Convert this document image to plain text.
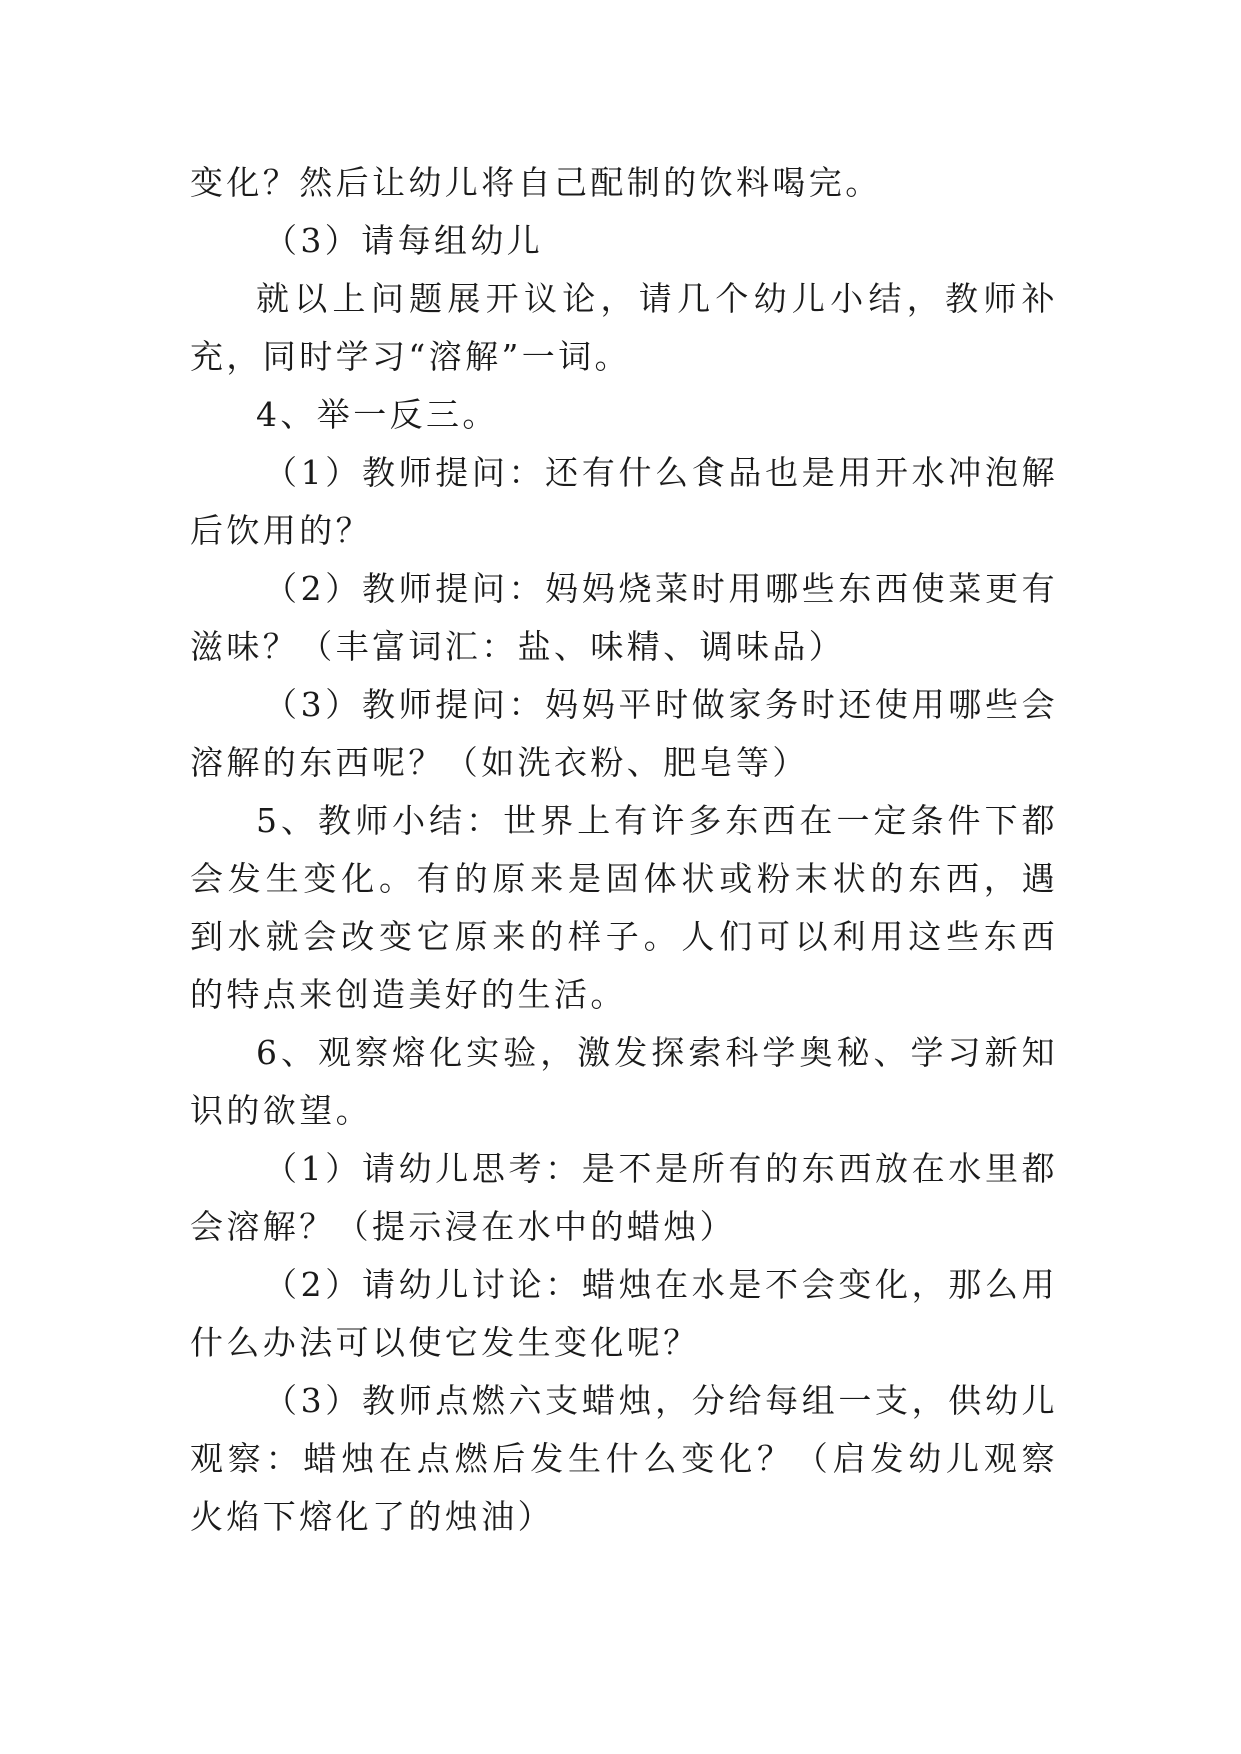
变化？然后让幼儿将自己配制的饮料喝完。

（3）请每组幼儿

就以上问题展开议论，请几个幼儿小结，教师补充，同时学习“溶解”一词。

4、举一反三。

（1）教师提问：还有什么食品也是用开水冲泡解后饮用的？

（2）教师提问：妈妈烧菜时用哪些东西使菜更有滋味？（丰富词汇：盐、味精、调味品）

（3）教师提问：妈妈平时做家务时还使用哪些会溶解的东西呢？（如洗衣粉、肥皂等）

5、教师小结：世界上有许多东西在一定条件下都会发生变化。有的原来是固体状或粉末状的东西，遇到水就会改变它原来的样子。人们可以利用这些东西的特点来创造美好的生活。

6、观察熔化实验，激发探索科学奥秘、学习新知识的欲望。

（1）请幼儿思考：是不是所有的东西放在水里都会溶解？（提示浸在水中的蜡烛）

（2）请幼儿讨论：蜡烛在水是不会变化，那么用什么办法可以使它发生变化呢？

（3）教师点燃六支蜡烛，分给每组一支，供幼儿观察：蜡烛在点燃后发生什么变化？（启发幼儿观察火焰下熔化了的烛油）
